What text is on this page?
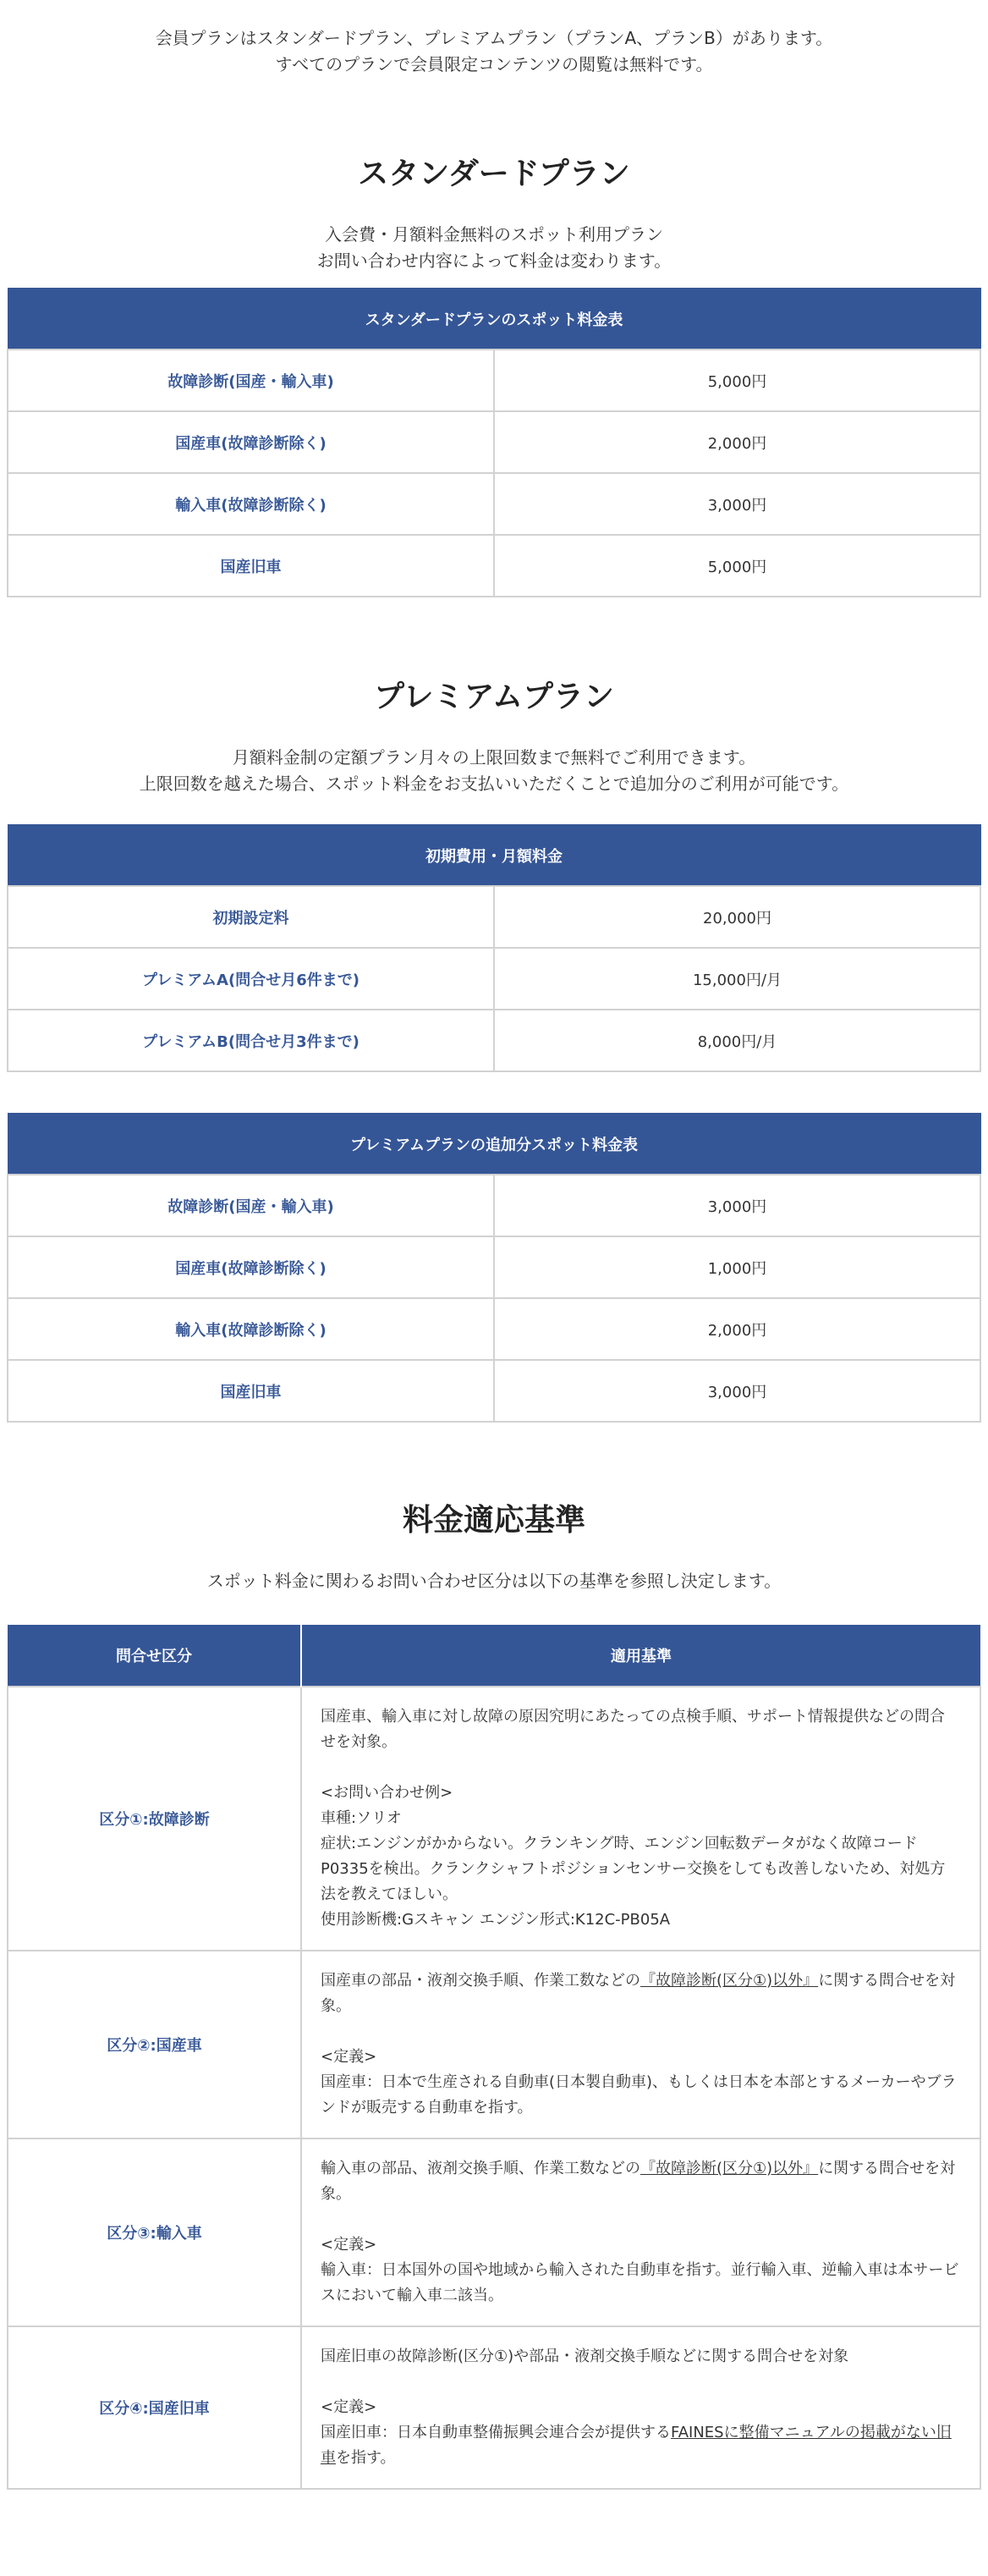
会員プランはスタンダードプラン、プレミアムプラン（プランA、プランB）があります。

すべてのプランで会員限定コンテンツの閲覧は無料です。

スタンダードプラン

入会費・月額料金無料のスポット利用プラン

お問い合わせ内容によって料金は変わります。

スタンダードプランのスポット料金表	
故障診断(国産・輸入車)	5,000円
国産車(故障診断除く)	2,000円
輸入車(故障診断除く)	3,000円
国産旧車	5,000円
プレミアムプラン

月額料金制の定額プラン月々の上限回数まで無料でご利用できます。

上限回数を越えた場合、スポット料金をお支払いいただくことで追加分のご利用が可能です。

初期費用・月額料金	
初期設定料	20,000円
プレミアムA(問合せ月6件まで)	15,000円/月
プレミアムB(問合せ月3件まで)	8,000円/月
プレミアムプランの追加分スポット料金表	
故障診断(国産・輸入車)	3,000円
国産車(故障診断除く)	1,000円
輸入車(故障診断除く)	2,000円
国産旧車	3,000円
料金適応基準

スポット料金に関わるお問い合わせ区分は以下の基準を参照し決定します。

問合せ区分	適用基準
区分①:故障診断	国産車、輸入車に対し故障の原因究明にあたっての点検手順、サポート情報提供などの問合せを対象。

<お問い合わせ例>

車種:ソリオ

症状:エンジンがかからない。クランキング時、エンジン回転数データがなく故障コードP0335を検出。クランクシャフトポジションセンサー交換をしても改善しないため、対処方法を教えてほしい。

使用診断機:Gスキャン エンジン形式:K12C-PB05A

区分②:国産車	国産車の部品・液剤交換手順、作業工数などの『故障診断(区分①)以外』に関する問合せを対象。

<定義>

国産車：日本で生産される自動車(日本製自動車)、もしくは日本を本部とするメーカーやブランドが販売する自動車を指す。

区分③:輸入車	輸入車の部品、液剤交換手順、作業工数などの『故障診断(区分①)以外』に関する問合せを対象。

<定義>

輸入車：日本国外の国や地域から輸入された自動車を指す。並行輸入車、逆輸入車は本サービスにおいて輸入車二該当。

区分④:国産旧車	国産旧車の故障診断(区分①)や部品・液剤交換手順などに関する問合せを対象

<定義>

国産旧車：日本自動車整備振興会連合会が提供するFAINESに整備マニュアルの掲載がない旧車を指す。
